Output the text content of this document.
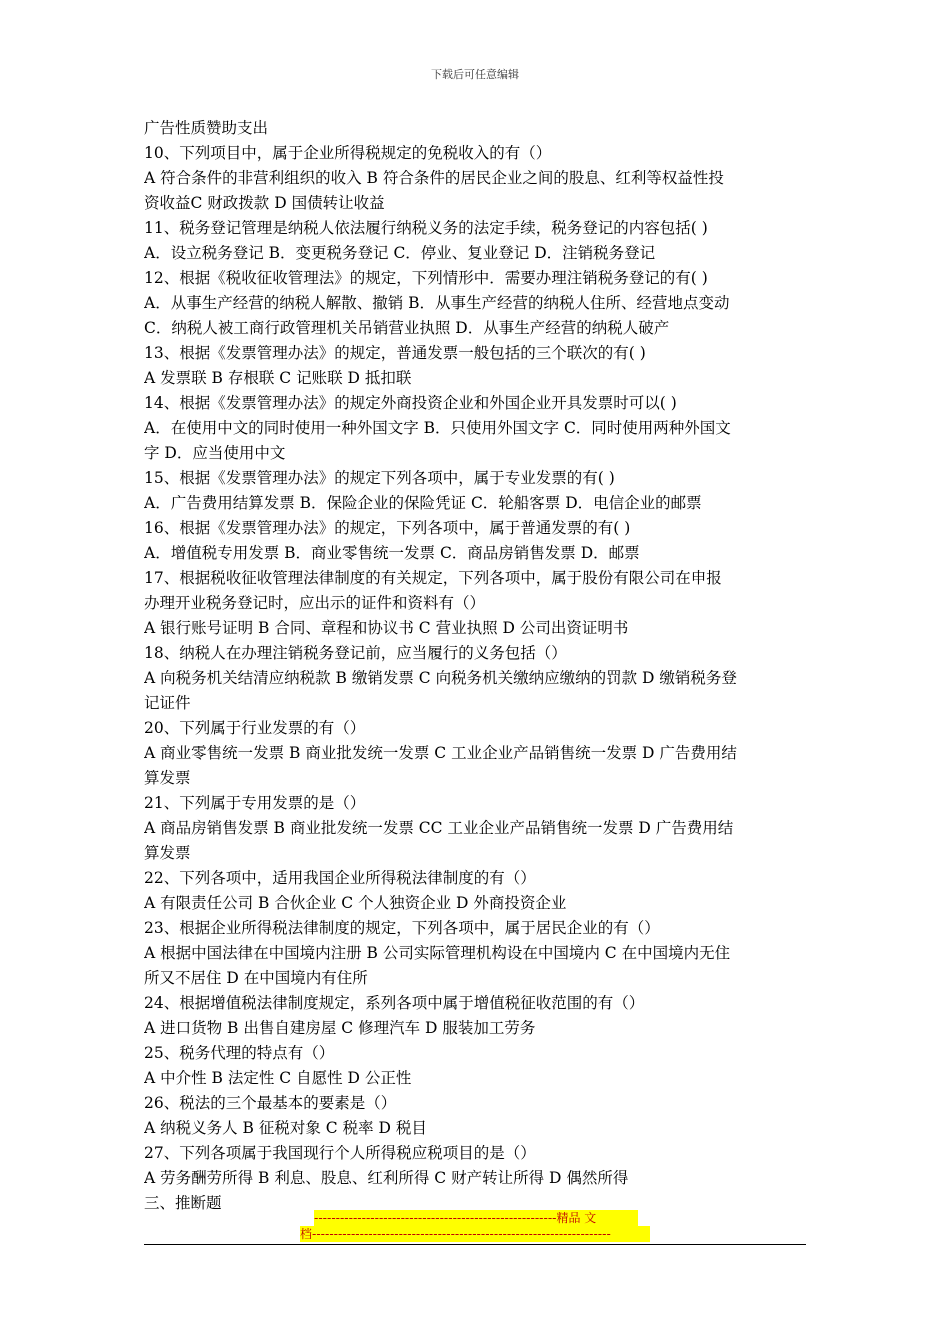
下载后可任意编辑
广告性质赞助支出
10、下列项目中，属于企业所得税规定的免税收入的有（）
A 符合条件的非营利组织的收入 B 符合条件的居民企业之间的股息、红利等权益性投
资收益C 财政拨款 D 国债转让收益
11、税务登记管理是纳税人依法履行纳税义务的法定手续，税务登记的内容包括( )
A．设立税务登记 B．变更税务登记 C．停业、复业登记 D．注销税务登记
12、根据《税收征收管理法》的规定，下列情形中．需要办理注销税务登记的有( )
A．从事生产经营的纳税人解散、撤销 B．从事生产经营的纳税人住所、经营地点变动
C．纳税人被工商行政管理机关吊销营业执照 D．从事生产经营的纳税人破产
13、根据《发票管理办法》的规定，普通发票一般包括的三个联次的有( )
A 发票联 B 存根联 C 记账联 D 抵扣联
14、根据《发票管理办法》的规定外商投资企业和外国企业开具发票时可以( )
A．在使用中文的同时使用一种外国文字 B．只使用外国文字 C．同时使用两种外国文
字 D．应当使用中文
15、根据《发票管理办法》的规定下列各项中，属于专业发票的有( )
A．广告费用结算发票 B．保险企业的保险凭证 C．轮船客票 D．电信企业的邮票
16、根据《发票管理办法》的规定，下列各项中，属于普通发票的有( )
A．增值税专用发票 B．商业零售统一发票 C．商品房销售发票 D．邮票
17、根据税收征收管理法律制度的有关规定，下列各项中，属于股份有限公司在申报
办理开业税务登记时，应出示的证件和资料有（）
A 银行账号证明 B 合同、章程和协议书 C 营业执照 D 公司出资证明书
18、纳税人在办理注销税务登记前，应当履行的义务包括（）
A 向税务机关结清应纳税款 B 缴销发票 C 向税务机关缴纳应缴纳的罚款 D 缴销税务登
记证件
20、下列属于行业发票的有（）
A 商业零售统一发票 B 商业批发统一发票 C 工业企业产品销售统一发票 D 广告费用结
算发票
21、下列属于专用发票的是（）
A 商品房销售发票 B 商业批发统一发票 CC 工业企业产品销售统一发票 D 广告费用结
算发票
22、下列各项中，适用我国企业所得税法律制度的有（）
A 有限责任公司 B 合伙企业 C 个人独资企业 D 外商投资企业
23、根据企业所得税法律制度的规定，下列各项中，属于居民企业的有（）
A 根据中国法律在中国境内注册 B 公司实际管理机构设在中国境内 C 在中国境内无住
所又不居住 D 在中国境内有住所
24、根据增值税法律制度规定，系列各项中属于增值税征收范围的有（）
A 进口货物 B 出售自建房屋 C 修理汽车 D 服装加工劳务
25、税务代理的特点有（）
A 中介性 B 法定性 C 自愿性 D 公正性
26、税法的三个最基本的要素是（）
A 纳税义务人 B 征税对象 C 税率 D 税目
27、下列各项属于我国现行个人所得税应税项目的是（）
A 劳务酬劳所得 B 利息、股息、红利所得 C 财产转让所得 D 偶然所得
三、推断题
--------------------------------------------------------精品 文
档---------------------------------------------------------------------
